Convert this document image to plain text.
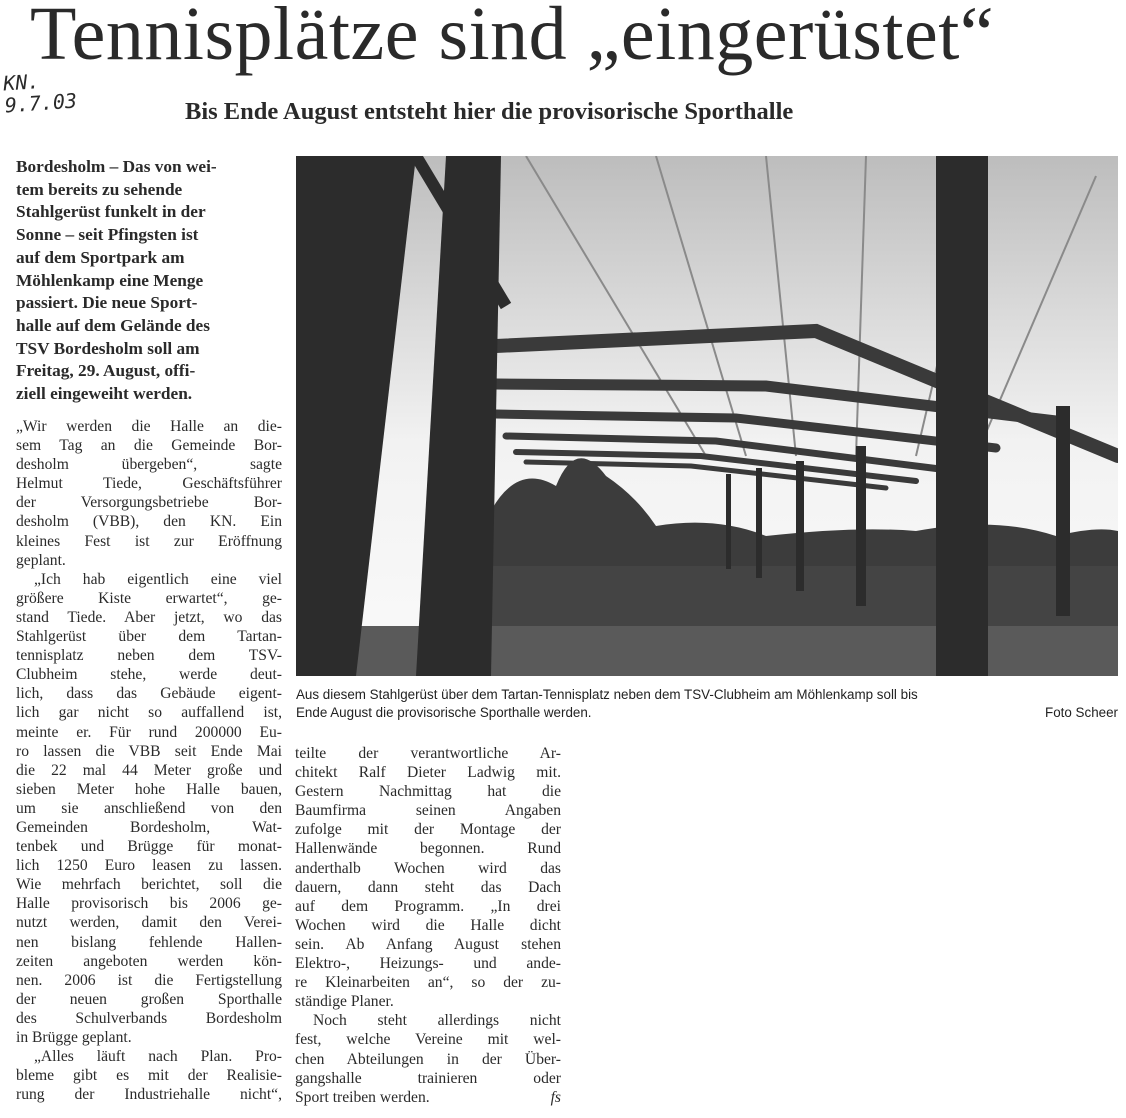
Tennisplätze sind „eingerüstet“
KN.
9.7.03	Bis Ende August entsteht hier die provisorische Sporthalle
Bordesholm – Das von wei-
tem bereits zu sehende
Stahlgerüst funkelt in der
Sonne – seit Pfingsten ist
auf dem Sportpark am
Möhlenkamp eine Menge
passiert. Die neue Sport-
halle auf dem Gelände des
TSV Bordesholm soll am
Freitag, 29. August, offi-
ziell eingeweiht werden.
„Wir werden die Halle an die-
sem Tag an die Gemeinde Bor-
desholm übergeben“, sagte
Helmut Tiede, Geschäftsführer
der Versorgungsbetriebe Bor-
desholm (VBB), den KN. Ein
kleines Fest ist zur Eröffnung
geplant.
„Ich hab eigentlich eine viel
größere Kiste erwartet“, ge-
stand Tiede. Aber jetzt, wo das
Stahlgerüst über dem Tartan-
tennisplatz neben dem TSV-
Clubheim stehe, werde deut-
lich, dass das Gebäude eigent-
lich gar nicht so auffallend ist,
meinte er. Für rund 200000 Eu-
ro lassen die VBB seit Ende Mai
die 22 mal 44 Meter große und
sieben Meter hohe Halle bauen,
um sie anschließend von den
Gemeinden Bordesholm, Wat-
tenbek und Brügge für monat-
lich 1250 Euro leasen zu lassen.
Wie mehrfach berichtet, soll die
Halle provisorisch bis 2006 ge-
nutzt werden, damit den Verei-
nen bislang fehlende Hallen-
zeiten angeboten werden kön-
nen. 2006 ist die Fertigstellung
der neuen großen Sporthalle
des Schulverbands Bordesholm
in Brügge geplant.
„Alles läuft nach Plan. Pro-
bleme gibt es mit der Realisie-
rung der Industriehalle nicht“,
Aus diesem Stahlgerüst über dem Tartan-Tennisplatz neben dem TSV-Clubheim am Möhlenkamp soll bis
Ende August die provisorische Sporthalle werden.	Foto Scheer
teilte der verantwortliche Ar-
chitekt Ralf Dieter Ladwig mit.
Gestern Nachmittag hat die
Baumfirma seinen Angaben
zufolge mit der Montage der
Hallenwände begonnen. Rund
anderthalb Wochen wird das
dauern, dann steht das Dach
auf dem Programm. „In drei
Wochen wird die Halle dicht
sein. Ab Anfang August stehen
Elektro-, Heizungs- und ande-
re Kleinarbeiten an“, so der zu-
ständige Planer.
Noch steht allerdings nicht
fest, welche Vereine mit wel-
chen Abteilungen in der Über-
gangshalle trainieren oder
Sport treiben werden.	fs
